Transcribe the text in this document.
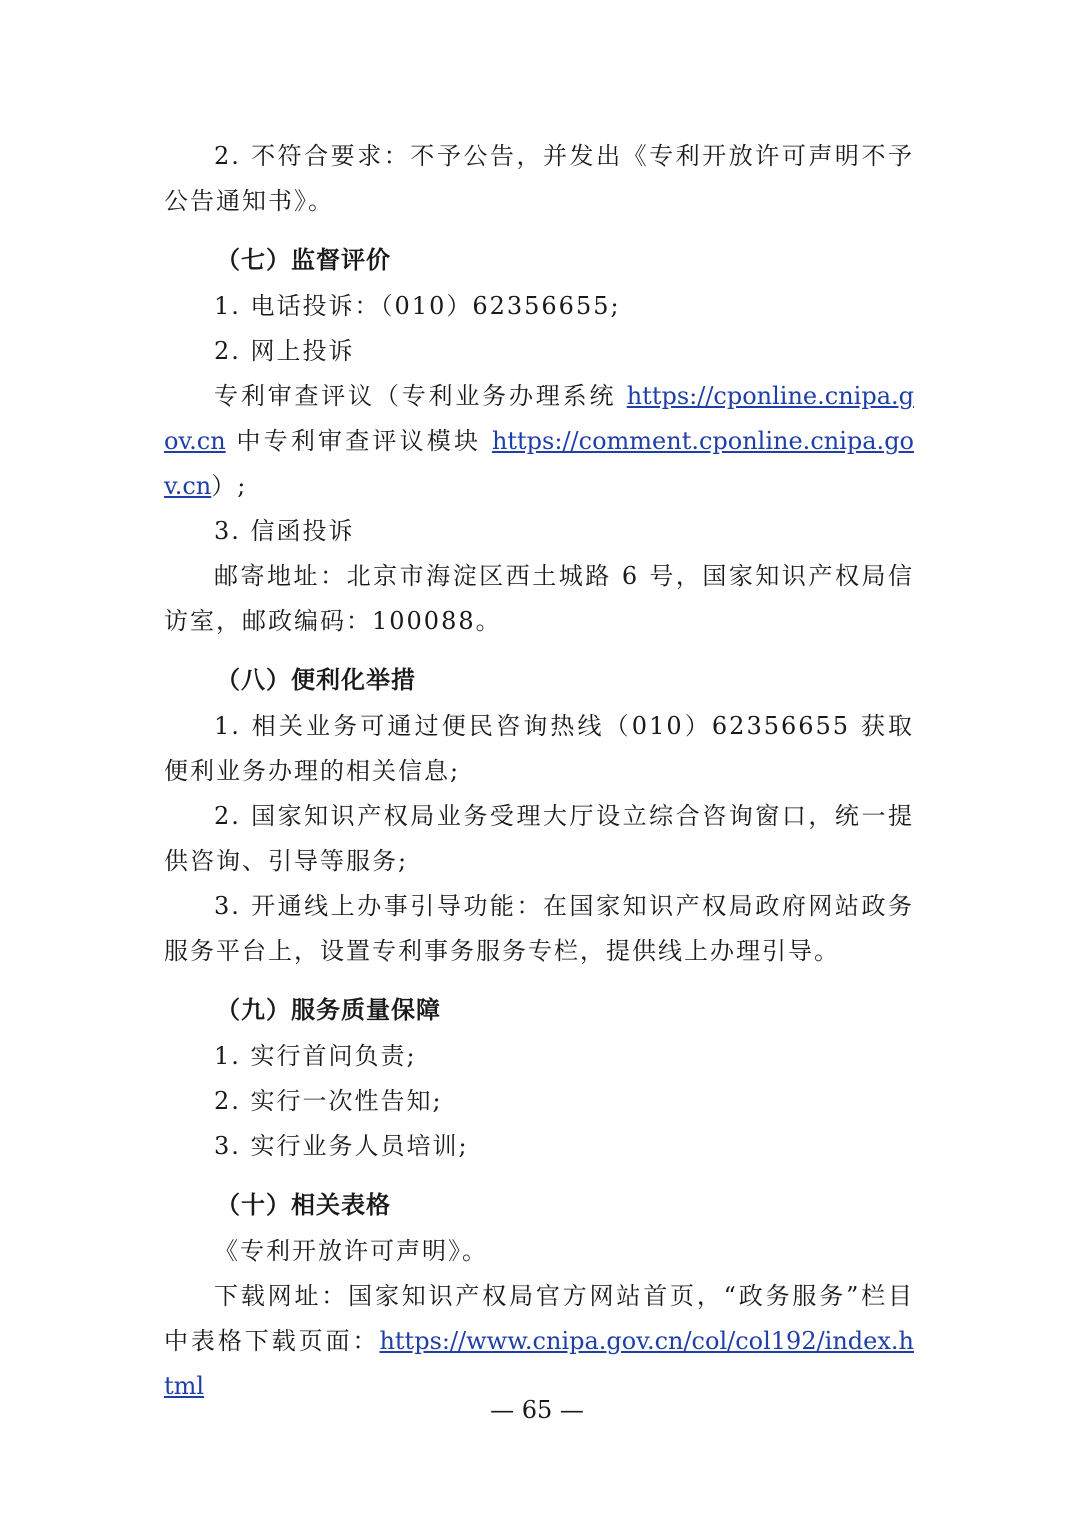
2. 不符合要求：不予公告，并发出《专利开放许可声明不予公告通知书》。

（七）监督评价

1. 电话投诉：（010）62356655;

2. 网上投诉

专利审查评议（专利业务办理系统 https://cponline.cnipa.gov.cn 中专利审查评议模块 https://comment.cponline.cnipa.gov.cn）;

3. 信函投诉

邮寄地址：北京市海淀区西土城路 6 号，国家知识产权局信访室，邮政编码：100088。

（八）便利化举措

1. 相关业务可通过便民咨询热线（010）62356655 获取便利业务办理的相关信息;

2. 国家知识产权局业务受理大厅设立综合咨询窗口，统一提供咨询、引导等服务;

3. 开通线上办事引导功能：在国家知识产权局政府网站政务服务平台上，设置专利事务服务专栏，提供线上办理引导。

（九）服务质量保障

1. 实行首问负责;

2. 实行一次性告知;

3. 实行业务人员培训;

（十）相关表格

《专利开放许可声明》。

下载网址：国家知识产权局官方网站首页，“政务服务”栏目中表格下载页面：https://www.cnipa.gov.cn/col/col192/index.html

— 65 —
